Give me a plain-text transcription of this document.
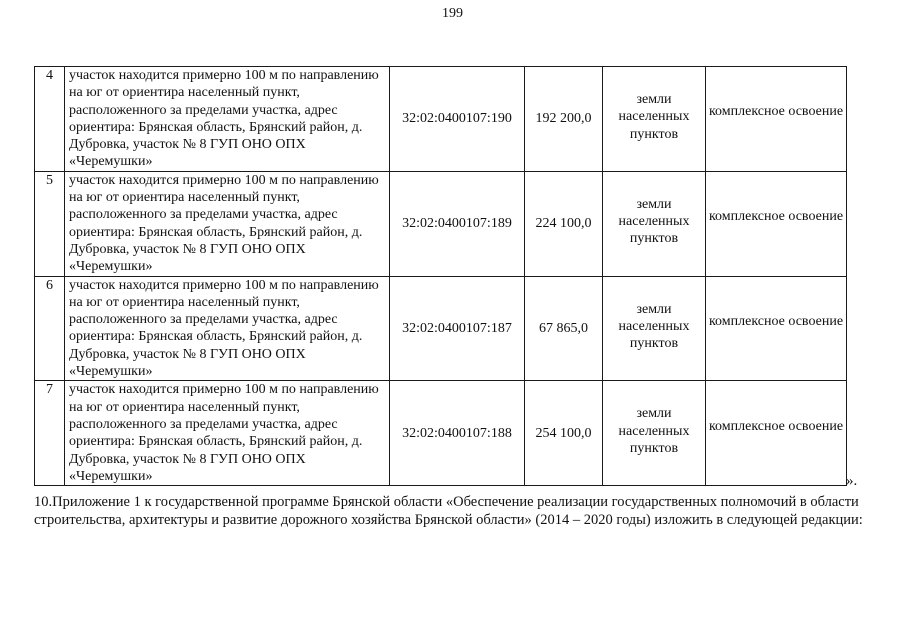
199
4	участок находится примерно 100 м по направлению на юг от ориентира населенный пункт, расположенного за пределами участка, адрес ориентира: Брянская область, Брянский район, д. Дубровка, участок № 8 ГУП ОНО ОПХ «Черемушки»	32:02:0400107:190	192 200,0	земли населенных пунктов	комплексное освоение
5	участок находится примерно 100 м по направлению на юг от ориентира населенный пункт, расположенного за пределами участка, адрес ориентира: Брянская область, Брянский район, д. Дубровка, участок № 8 ГУП ОНО ОПХ «Черемушки»	32:02:0400107:189	224 100,0	земли населенных пунктов	комплексное освоение
6	участок находится примерно 100 м по направлению на юг от ориентира населенный пункт, расположенного за пределами участка, адрес ориентира: Брянская область, Брянский район, д. Дубровка, участок № 8 ГУП ОНО ОПХ «Черемушки»	32:02:0400107:187	67 865,0	земли населенных пунктов	комплексное освоение
7	участок находится примерно 100 м по направлению на юг от ориентира населенный пункт, расположенного за пределами участка, адрес ориентира: Брянская область, Брянский район, д. Дубровка, участок № 8 ГУП ОНО ОПХ «Черемушки»	32:02:0400107:188	254 100,0	земли населенных пунктов	комплексное освоение
».
10.Приложение 1 к государственной программе Брянской области «Обеспечение реализации государственных полномочий в области строительства, архитектуры и развитие дорожного хозяйства Брянской области» (2014 – 2020 годы) изложить в следующей редакции:
